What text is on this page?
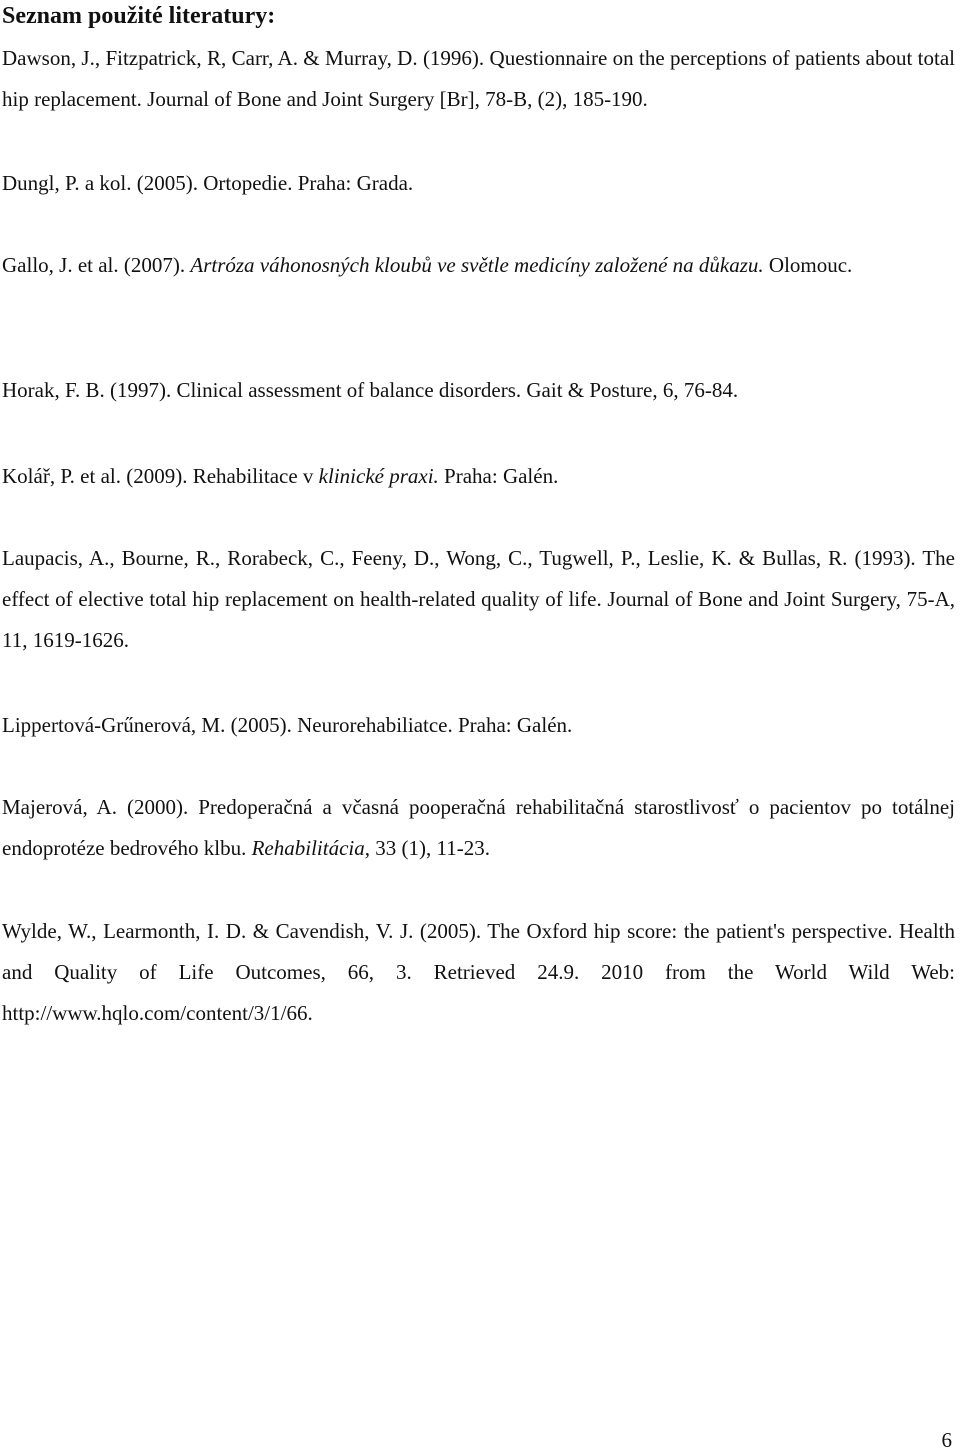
Seznam použité literatury:

Dawson, J., Fitzpatrick, R, Carr, A. & Murray, D. (1996). Questionnaire on the perceptions of patients about total hip replacement. Journal of Bone and Joint Surgery [Br], 78-B, (2), 185-190.

Dungl, P. a kol. (2005). Ortopedie. Praha: Grada.

Gallo, J. et al. (2007). Artróza váhonosných kloubů ve světle medicíny založené na důkazu. Olomouc.

Horak, F. B. (1997). Clinical assessment of balance disorders. Gait & Posture, 6, 76-84.

Kolář, P. et al. (2009). Rehabilitace v klinické praxi. Praha: Galén.

Laupacis, A., Bourne, R., Rorabeck, C., Feeny, D., Wong, C., Tugwell, P., Leslie, K. & Bullas, R. (1993). The effect of elective total hip replacement on health-related quality of life. Journal of Bone and Joint Surgery, 75-A, 11, 1619-1626.

Lippertová-Grűnerová, M. (2005). Neurorehabiliatce. Praha: Galén.

Majerová, A. (2000). Predoperačná a včasná pooperačná rehabilitačná starostlivosť o pacientov po totálnej endoprotéze bedrového klbu. Rehabilitácia, 33 (1), 11-23.

Wylde, W., Learmonth, I. D. & Cavendish, V. J. (2005). The Oxford hip score: the patient's perspective. Health and Quality of Life Outcomes, 66, 3. Retrieved 24.9. 2010 from the World Wild Web: http://www.hqlo.com/content/3/1/66.

6
